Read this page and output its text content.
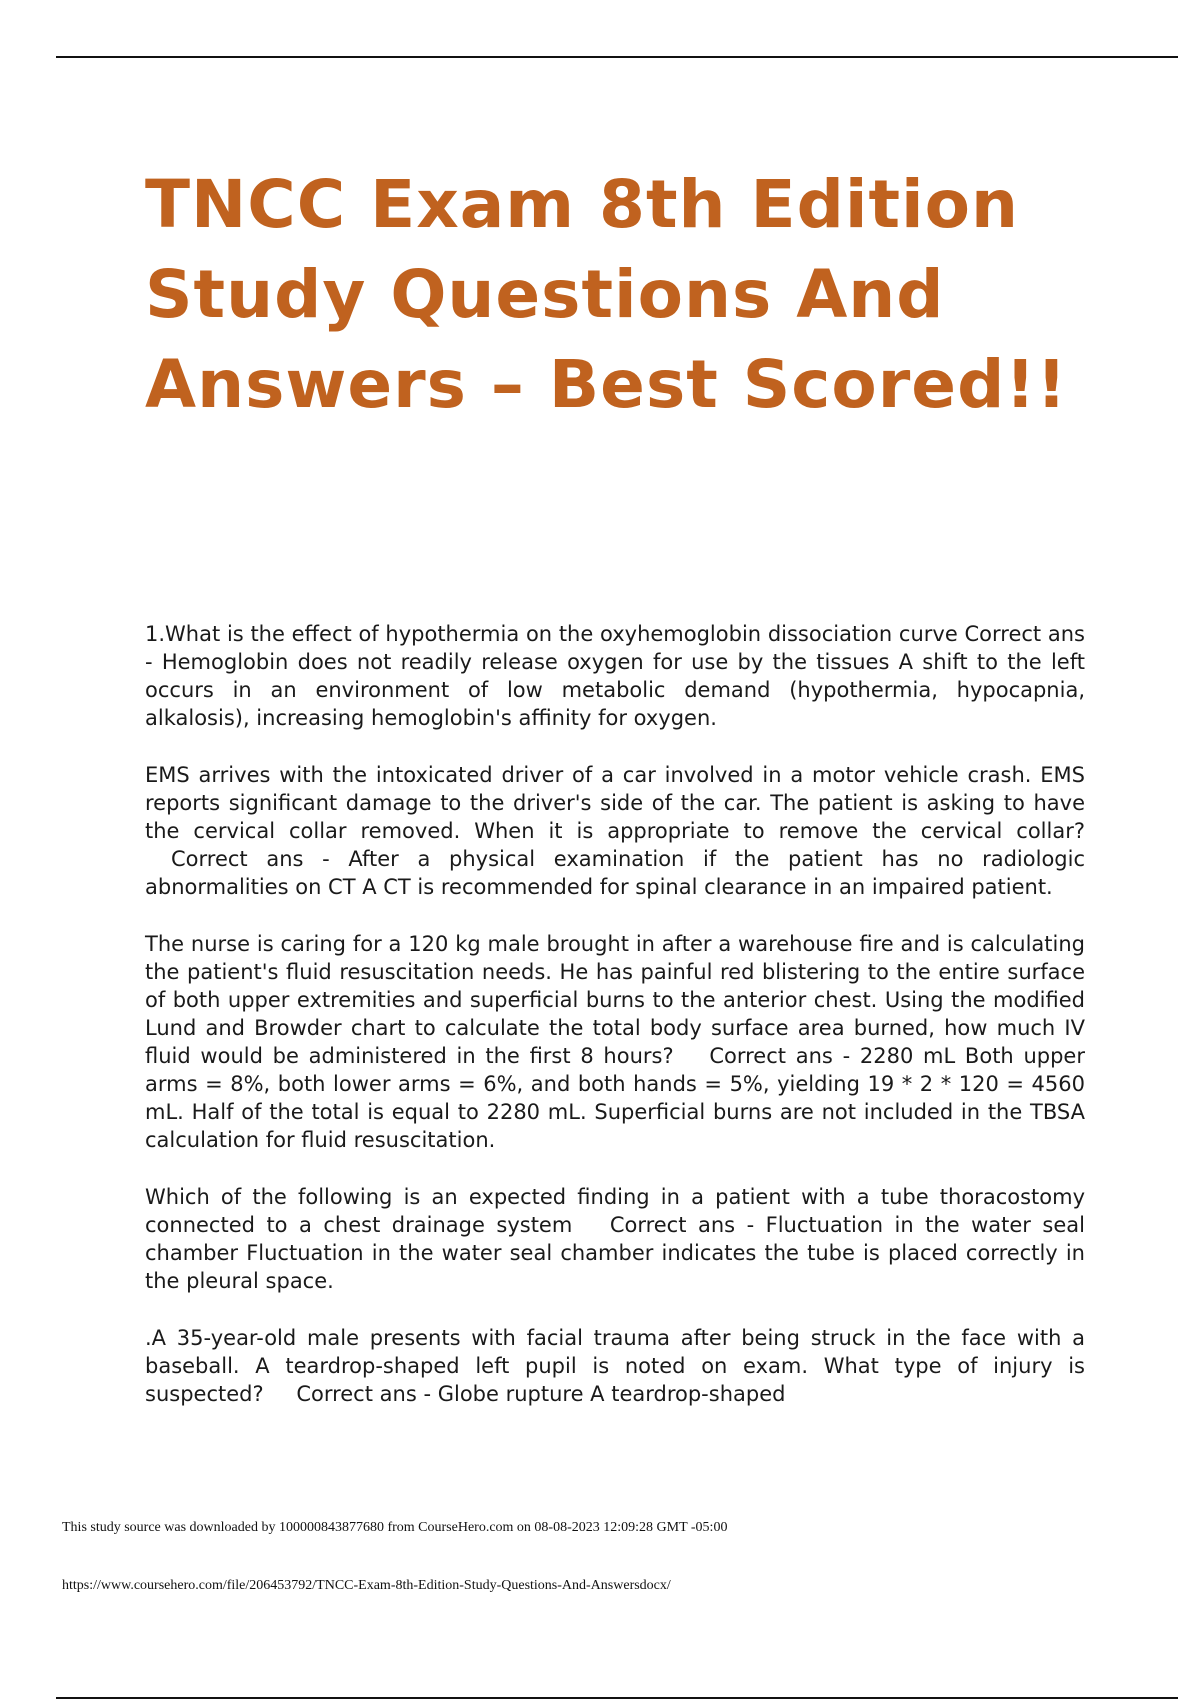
TNCC Exam 8th Edition
Study Questions And
Answers – Best Scored!!

1.What is the effect of hypothermia on the oxyhemoglobin dissociation curve Correct ans - Hemoglobin does not readily release oxygen for use by the tissues A shift to the left occurs in an environment of low metabolic demand (hypothermia, hypocapnia, alkalosis), increasing hemoglobin's affinity for oxygen.

EMS arrives with the intoxicated driver of a car involved in a motor vehicle crash. EMS reports significant damage to the driver's side of the car. The patient is asking to have the cervical collar removed. When it is appropriate to remove the cervical collar? Correct ans - After a physical examination if the patient has no radiologic abnormalities on CT A CT is recommended for spinal clearance in an impaired patient.

The nurse is caring for a 120 kg male brought in after a warehouse fire and is calculating the patient's fluid resuscitation needs. He has painful red blistering to the entire surface of both upper extremities and superficial burns to the anterior chest. Using the modified Lund and Browder chart to calculate the total body surface area burned, how much IV fluid would be administered in the first 8 hours? Correct ans - 2280 mL Both upper arms = 8%, both lower arms = 6%, and both hands = 5%, yielding 19 * 2 * 120 = 4560 mL. Half of the total is equal to 2280 mL. Superficial burns are not included in the TBSA calculation for fluid resuscitation.

Which of the following is an expected finding in a patient with a tube thoracostomy connected to a chest drainage system Correct ans - Fluctuation in the water seal chamber Fluctuation in the water seal chamber indicates the tube is placed correctly in the pleural space.

.A 35-year-old male presents with facial trauma after being struck in the face with a baseball. A teardrop-shaped left pupil is noted on exam. What type of injury is suspected? Correct ans - Globe rupture A teardrop-shaped

This study source was downloaded by 100000843877680 from CourseHero.com on 08-08-2023 12:09:28 GMT -05:00
https://www.coursehero.com/file/206453792/TNCC-Exam-8th-Edition-Study-Questions-And-Answersdocx/
